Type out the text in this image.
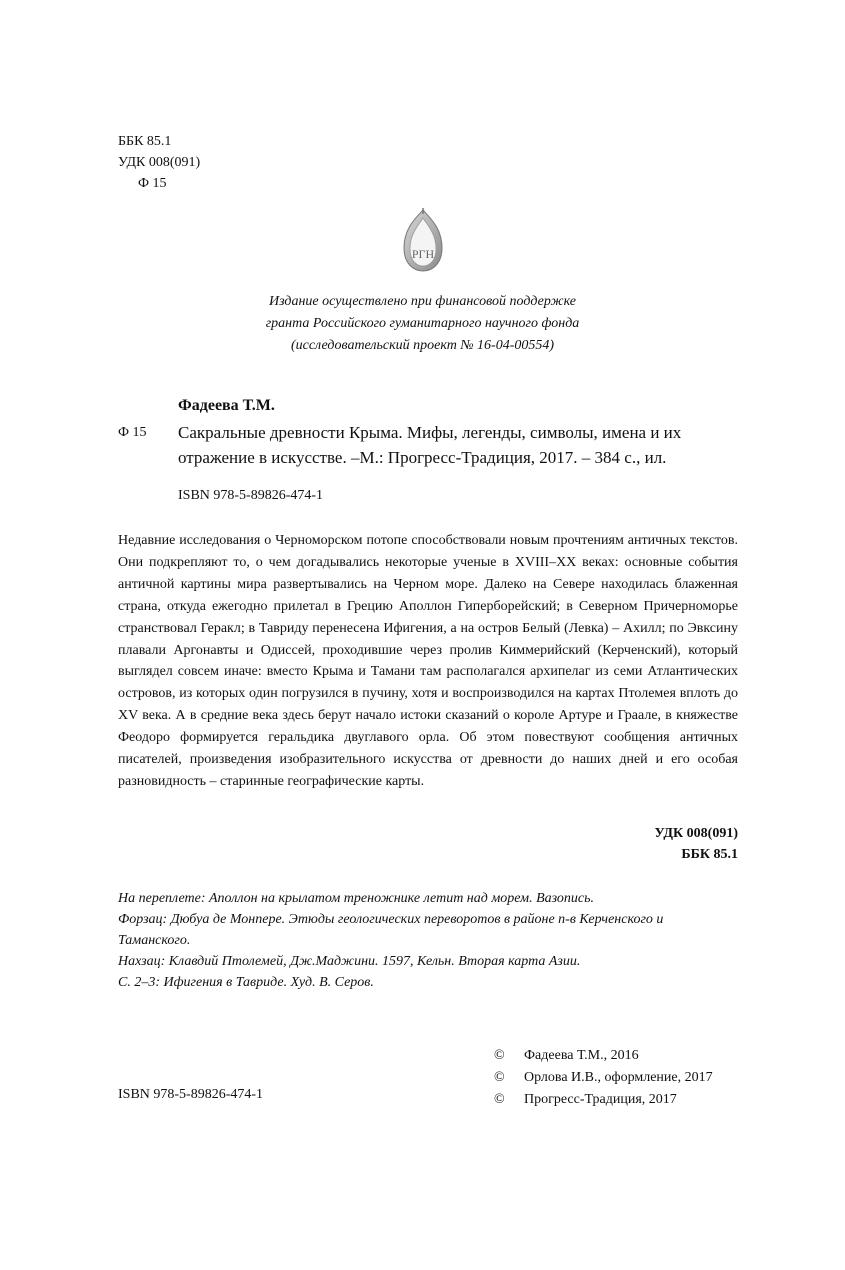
ББК 85.1
УДК 008(091)
Ф 15
РГН
Издание осуществлено при финансовой поддержке
гранта Российского гуманитарного научного фонда
(исследовательский проект № 16-04-00554)
Фадеева Т.М.
Ф 15 Сакральные древности Крыма. Мифы, легенды, символы, имена и их отражение в искусстве. –М.: Прогресс-Традиция, 2017. – 384 с., ил.
ISBN 978-5-89826-474-1

Недавние исследования о Черноморском потопе способствовали новым прочтениям античных текстов. Они подкрепляют то, о чем догадывались некоторые ученые в XVIII–XX веках: основные события античной картины мира развертывались на Черном море. Далеко на Севере находилась блаженная страна, откуда ежегодно прилетал в Грецию Аполлон Гиперборейский; в Северном Причерноморье странствовал Геракл; в Тавриду перенесена Ифигения, а на остров Белый (Левка) – Ахилл; по Эвксину плавали Аргонавты и Одиссей, проходившие через пролив Киммерийский (Керченский), который выглядел совсем иначе: вместо Крыма и Тамани там располагался архипелаг из семи Атлантических островов, из которых один погрузился в пучину, хотя и воспроизводился на картах Птолемея вплоть до XV века. А в средние века здесь берут начало истоки сказаний о короле Артуре и Граале, в княжестве Феодоро формируется геральдика двуглавого орла. Об этом повествуют сообщения античных писателей, произведения изобразительного искусства от древности до наших дней и его особая разновидность – старинные географические карты.

УДК 008(091)
ББК 85.1
На переплете: Аполлон на крылатом треножнике летит над морем. Вазопись.
Форзац: Дюбуа де Монпере. Этюды геологических переворотов в районе п-в Керченского и Таманского.
Нахзац: Клавдий Птолемей, Дж.Маджини. 1597, Кельн. Вторая карта Азии.
С. 2–3: Ифигения в Тавриде. Худ. В. Серов.
ISBN 978-5-89826-474-1
©	Фадеева Т.М., 2016
©	Орлова И.В., оформление, 2017
©	Прогресс-Традиция, 2017
